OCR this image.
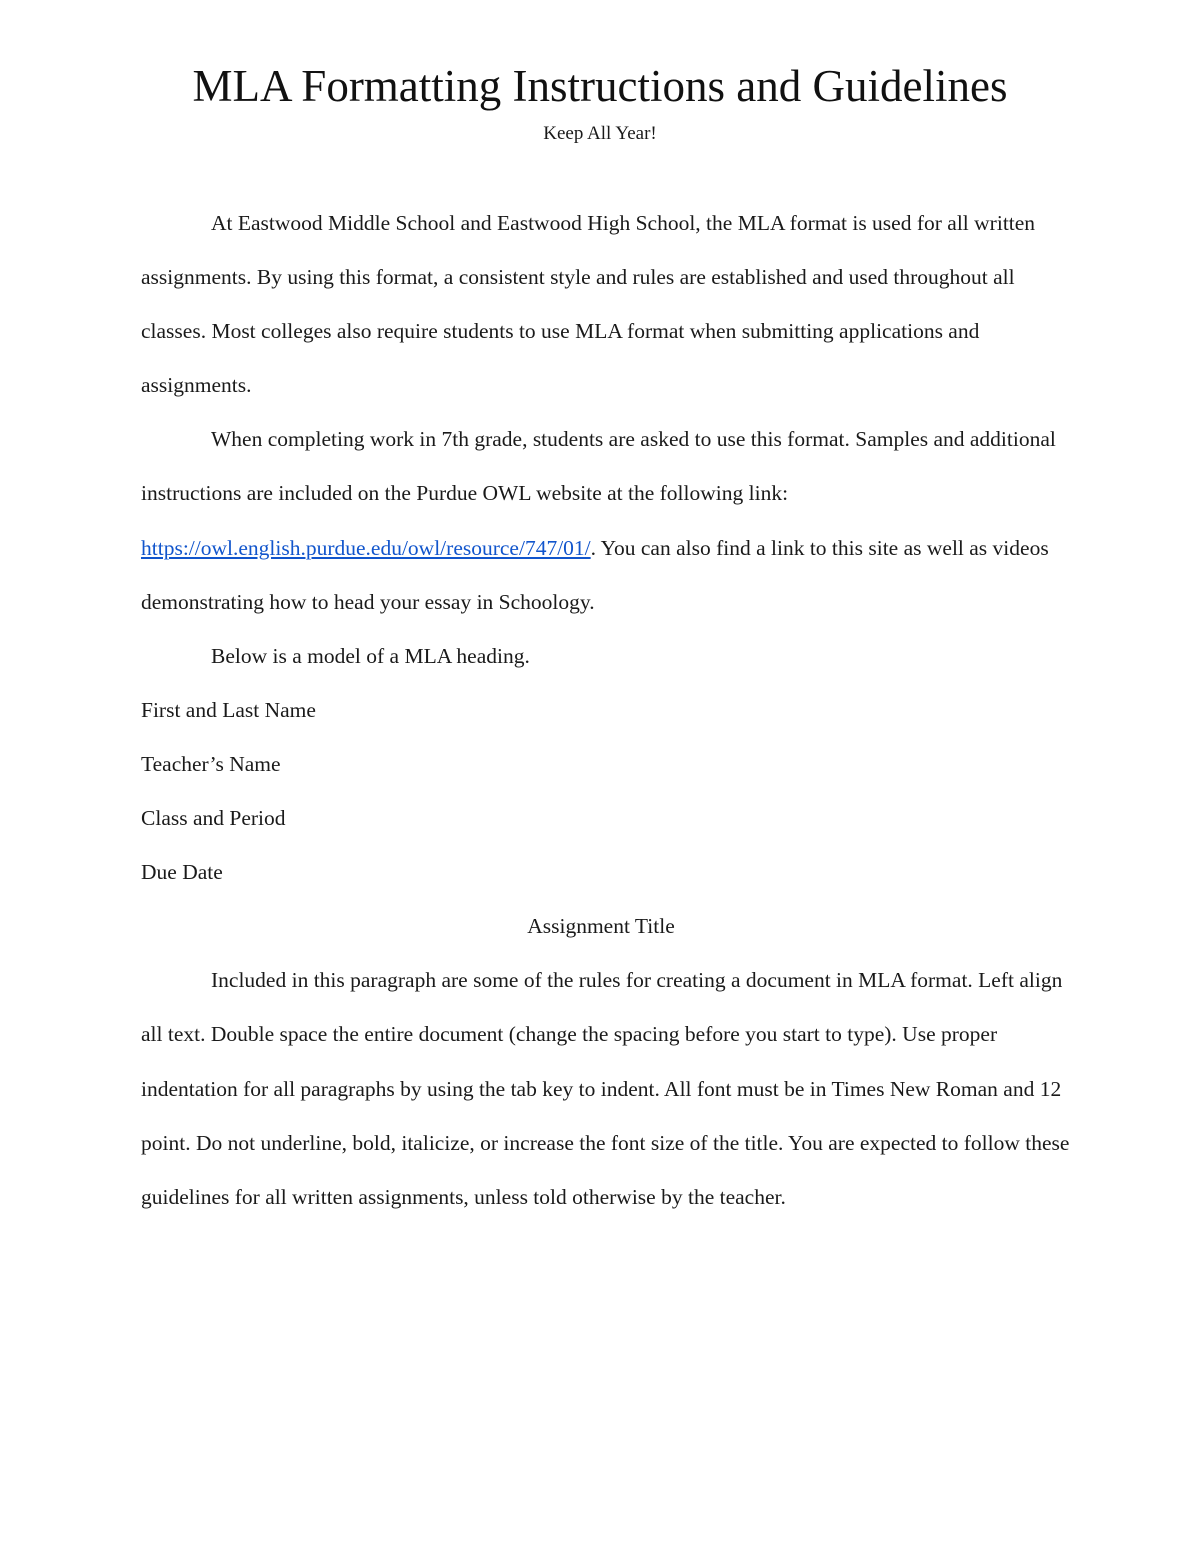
MLA Formatting Instructions and Guidelines

Keep All Year!

At Eastwood Middle School and Eastwood High School, the MLA format is used for all written assignments. By using this format, a consistent style and rules are established and used throughout all classes. Most colleges also require students to use MLA format when submitting applications and assignments.

When completing work in 7th grade, students are asked to use this format. Samples and additional instructions are included on the Purdue OWL website at the following link: https://owl.english.purdue.edu/owl/resource/747/01/. You can also find a link to this site as well as videos demonstrating how to head your essay in Schoology.

Below is a model of a MLA heading.

First and Last Name

Teacher’s Name

Class and Period

Due Date

Assignment Title

Included in this paragraph are some of the rules for creating a document in MLA format. Left align all text. Double space the entire document (change the spacing before you start to type). Use proper indentation for all paragraphs by using the tab key to indent. All font must be in Times New Roman and 12 point. Do not underline, bold, italicize, or increase the font size of the title. You are expected to follow these guidelines for all written assignments, unless told otherwise by the teacher.
